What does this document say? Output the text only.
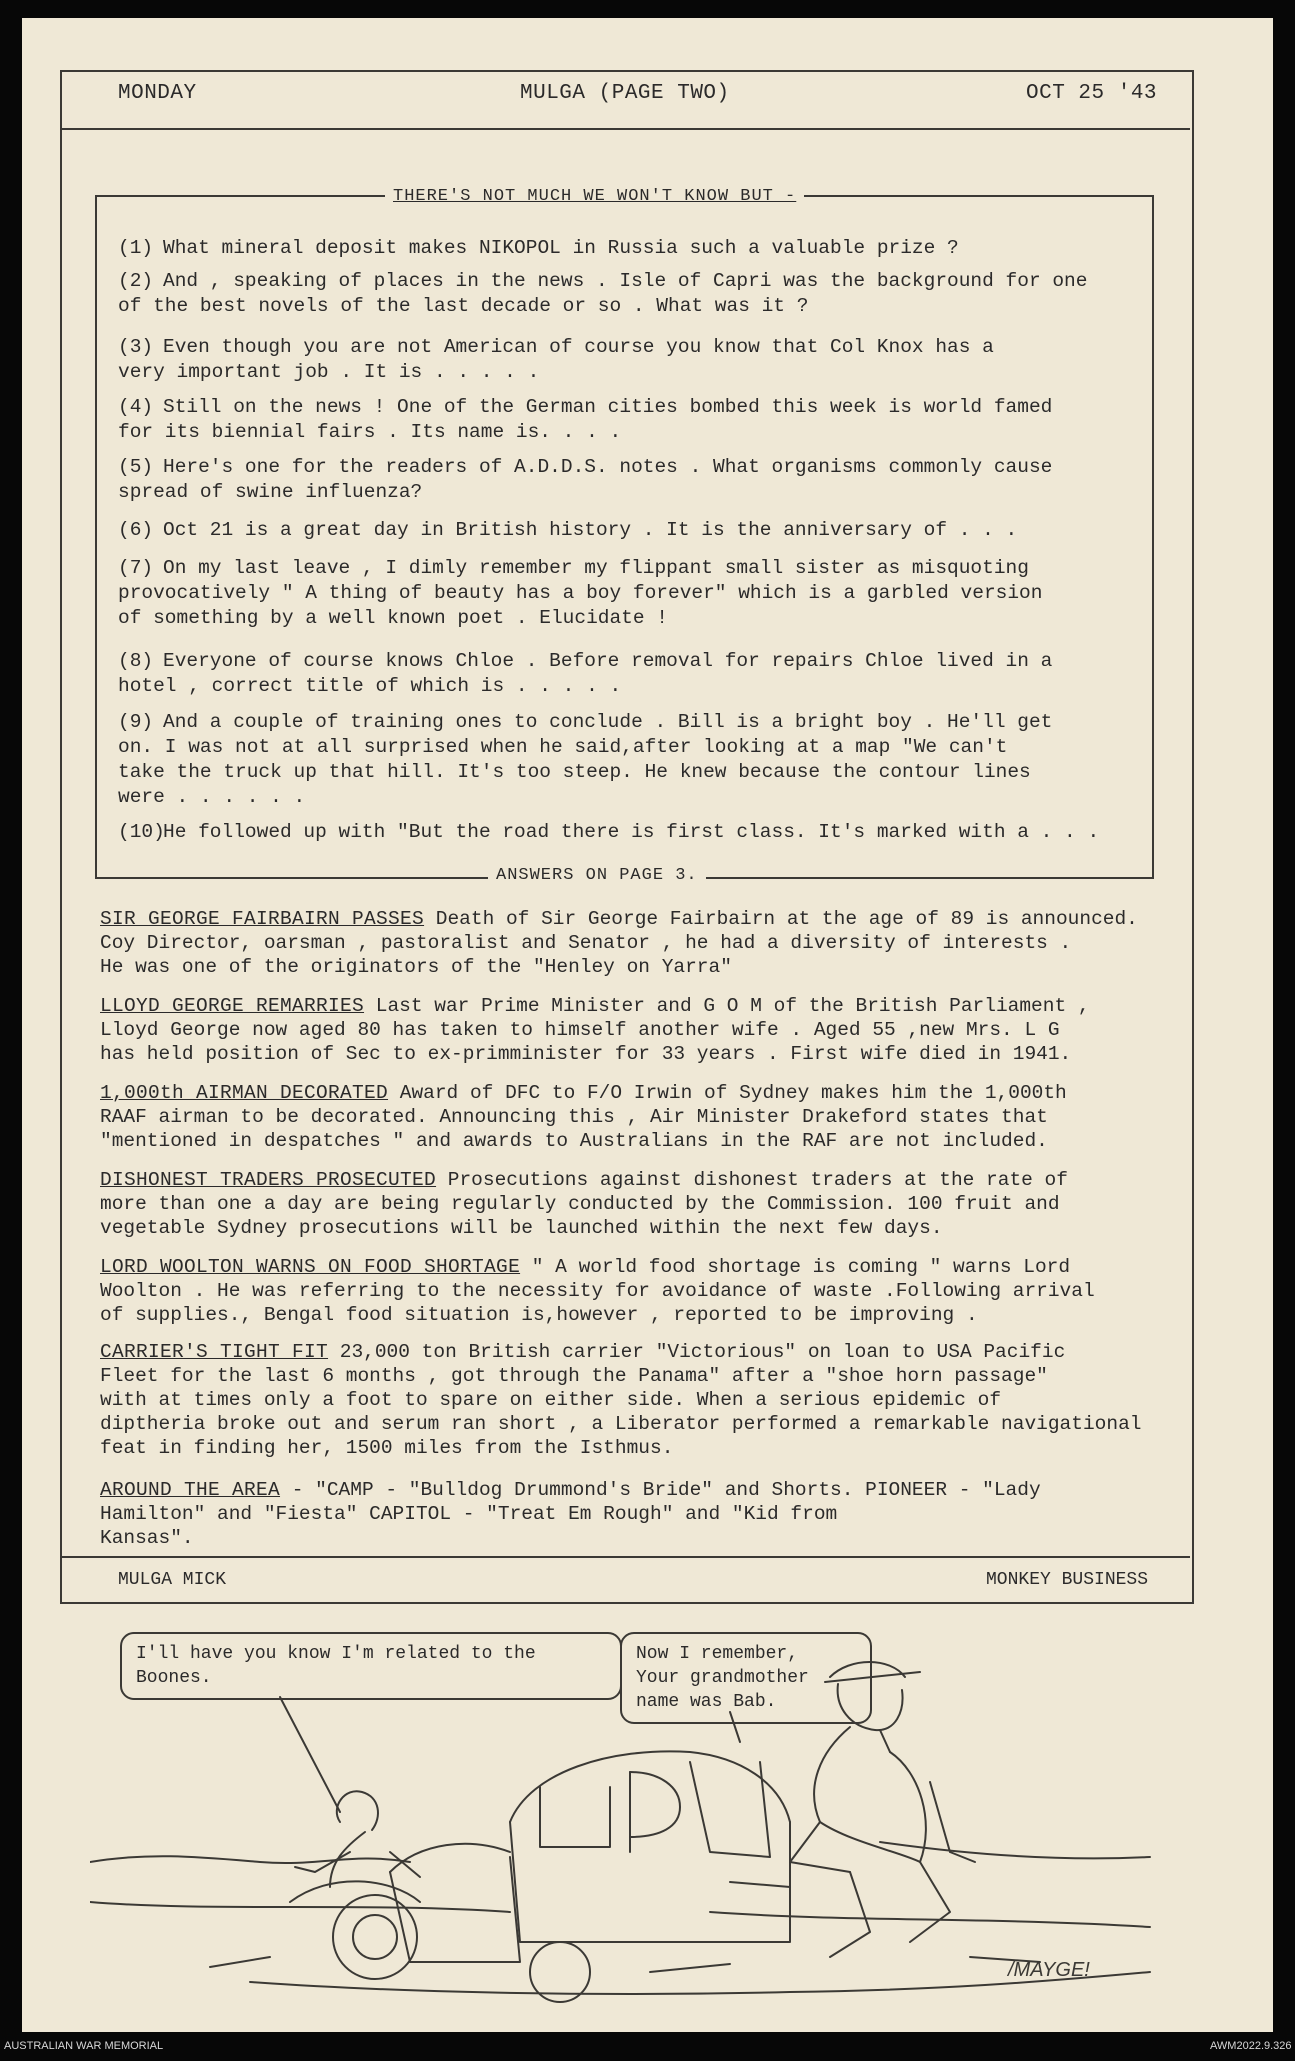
MONDAY	MULGA (PAGE TWO)	OCT 25 '43
THERE'S NOT MUCH WE WON'T KNOW BUT -
(1) What mineral deposit makes NIKOPOL in Russia such a valuable prize ?
(2) And , speaking of places in the news . Isle of Capri was the background for one
of the best novels of the last decade or so . What was it ?
(3) Even though you are not American of course you know that Col Knox has a
very important job . It is . . . . .
(4) Still on the news ! One of the German cities bombed this week is world famed
for its biennial fairs . Its name is. . . .
(5) Here's one for the readers of A.D.D.S. notes . What organisms commonly cause
spread of swine influenza?
(6) Oct 21 is a great day in British history . It is the anniversary of . . .
(7) On my last leave , I dimly remember my flippant small sister as misquoting
provocatively " A thing of beauty has a boy forever" which is a garbled version
of something by a well known poet . Elucidate !
(8) Everyone of course knows Chloe . Before removal for repairs Chloe lived in a
hotel , correct title of which is . . . . .
(9) And a couple of training ones to conclude . Bill is a bright boy . He'll get
on. I was not at all surprised when he said,after looking at a map "We can't
take the truck up that hill. It's too steep. He knew because the contour lines
were . . . . . .
(10)He followed up with "But the road there is first class. It's marked with a . . .
ANSWERS ON PAGE 3.
SIR GEORGE FAIRBAIRN PASSES Death of Sir George Fairbairn at the age of 89 is announced.
Coy Director, oarsman , pastoralist and Senator , he had a diversity of interests .
He was one of the originators of the "Henley on Yarra"
LLOYD GEORGE REMARRIES Last war Prime Minister and G O M of the British Parliament ,
Lloyd George now aged 80 has taken to himself another wife . Aged 55 ,new Mrs. L G
has held position of Sec to ex-primminister for 33 years . First wife died in 1941.
1,000th AIRMAN DECORATED Award of DFC to F/O Irwin of Sydney makes him the 1,000th
RAAF airman to be decorated. Announcing this , Air Minister Drakeford states that
"mentioned in despatches " and awards to Australians in the RAF are not included.
DISHONEST TRADERS PROSECUTED Prosecutions against dishonest traders at the rate of
more than one a day are being regularly conducted by the Commission. 100 fruit and
vegetable Sydney prosecutions will be launched within the next few days.
LORD WOOLTON WARNS ON FOOD SHORTAGE " A world food shortage is coming " warns Lord
Woolton . He was referring to the necessity for avoidance of waste .Following arrival
of supplies., Bengal food situation is,however , reported to be improving .
CARRIER'S TIGHT FIT 23,000 ton British carrier "Victorious" on loan to USA Pacific
Fleet for the last 6 months , got through the Panama" after a "shoe horn passage"
with at times only a foot to spare on either side. When a serious epidemic of
diptheria broke out and serum ran short , a Liberator performed a remarkable navigational
feat in finding her, 1500 miles from the Isthmus.
AROUND THE AREA - "CAMP - "Bulldog Drummond's Bride" and Shorts. PIONEER - "Lady
Hamilton" and "Fiesta" CAPITOL - "Treat Em Rough" and "Kid from
Kansas".
MULGA MICK	MONKEY BUSINESS
I'll have you know I'm related to the
Boones.
Now I remember,
Your grandmother
name was Bab.
/MAYGE!
AUSTRALIAN WAR MEMORIAL	AWM2022.9.326
